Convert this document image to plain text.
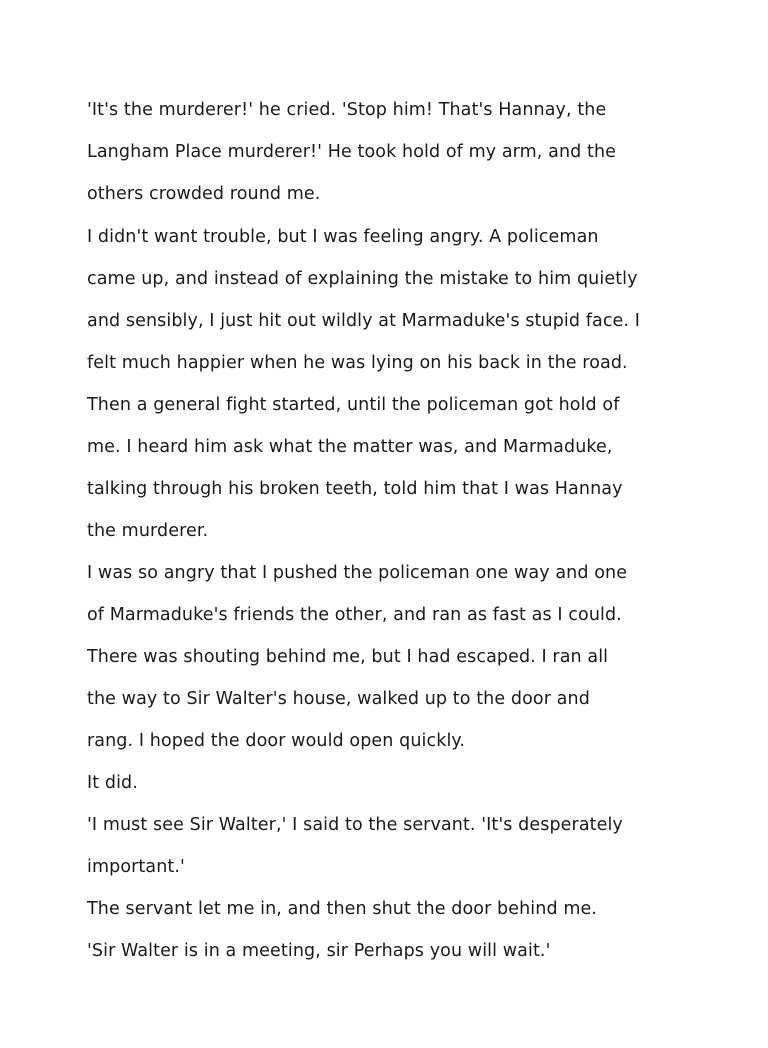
'It's the murderer!' he cried. 'Stop him! That's Hannay, the
Langham Place murderer!' He took hold of my arm, and the
others crowded round me.
I didn't want trouble, but I was feeling angry. A policeman
came up, and instead of explaining the mistake to him quietly
and sensibly, I just hit out wildly at Marmaduke's stupid face. I
felt much happier when he was lying on his back in the road.
Then a general fight started, until the policeman got hold of
me. I heard him ask what the matter was, and Marmaduke,
talking through his broken teeth, told him that I was Hannay
the murderer.
I was so angry that I pushed the policeman one way and one
of Marmaduke's friends the other, and ran as fast as I could.
There was shouting behind me, but I had escaped. I ran all
the way to Sir Walter's house, walked up to the door and
rang. I hoped the door would open quickly.
It did.
'I must see Sir Walter,' I said to the servant. 'It's desperately
important.'
The servant let me in, and then shut the door behind me.
'Sir Walter is in a meeting, sir Perhaps you will wait.'
